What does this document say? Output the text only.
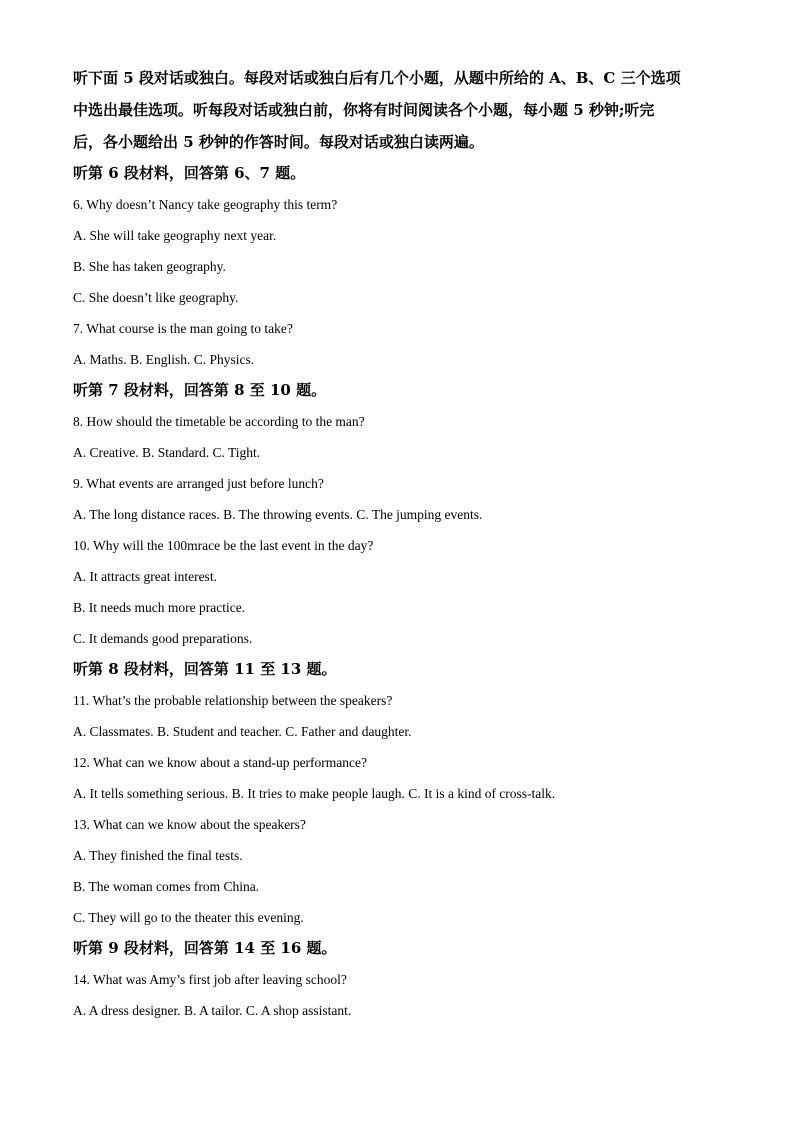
听下面 5 段对话或独白。每段对话或独白后有几个小题，从题中所给的 A、B、C 三个选项
中选出最佳选项。听每段对话或独白前，你将有时间阅读各个小题，每小题 5 秒钟;听完
后，各小题给出 5 秒钟的作答时间。每段对话或独白读两遍。
听第 6 段材料，回答第 6、7 题。
6. Why doesn’t Nancy take geography this term?
A. She will take geography next year.
B. She has taken geography.
C. She doesn’t like geography.
7. What course is the man going to take?
A. Maths. B. English. C. Physics.
听第 7 段材料，回答第 8 至 10 题。
8. How should the timetable be according to the man?
A. Creative. B. Standard. C. Tight.
9. What events are arranged just before lunch?
A. The long distance races. B. The throwing events. C. The jumping events.
10. Why will the 100mrace be the last event in the day?
A. It attracts great interest.
B. It needs much more practice.
C. It demands good preparations.
听第 8 段材料，回答第 11 至 13 题。
11. What’s the probable relationship between the speakers?
A. Classmates. B. Student and teacher. C. Father and daughter.
12. What can we know about a stand-up performance?
A. It tells something serious. B. It tries to make people laugh. C. It is a kind of cross-talk.
13. What can we know about the speakers?
A. They finished the final tests.
B. The woman comes from China.
C. They will go to the theater this evening.
听第 9 段材料，回答第 14 至 16 题。
14. What was Amy’s first job after leaving school?
A. A dress designer. B. A tailor. C. A shop assistant.
